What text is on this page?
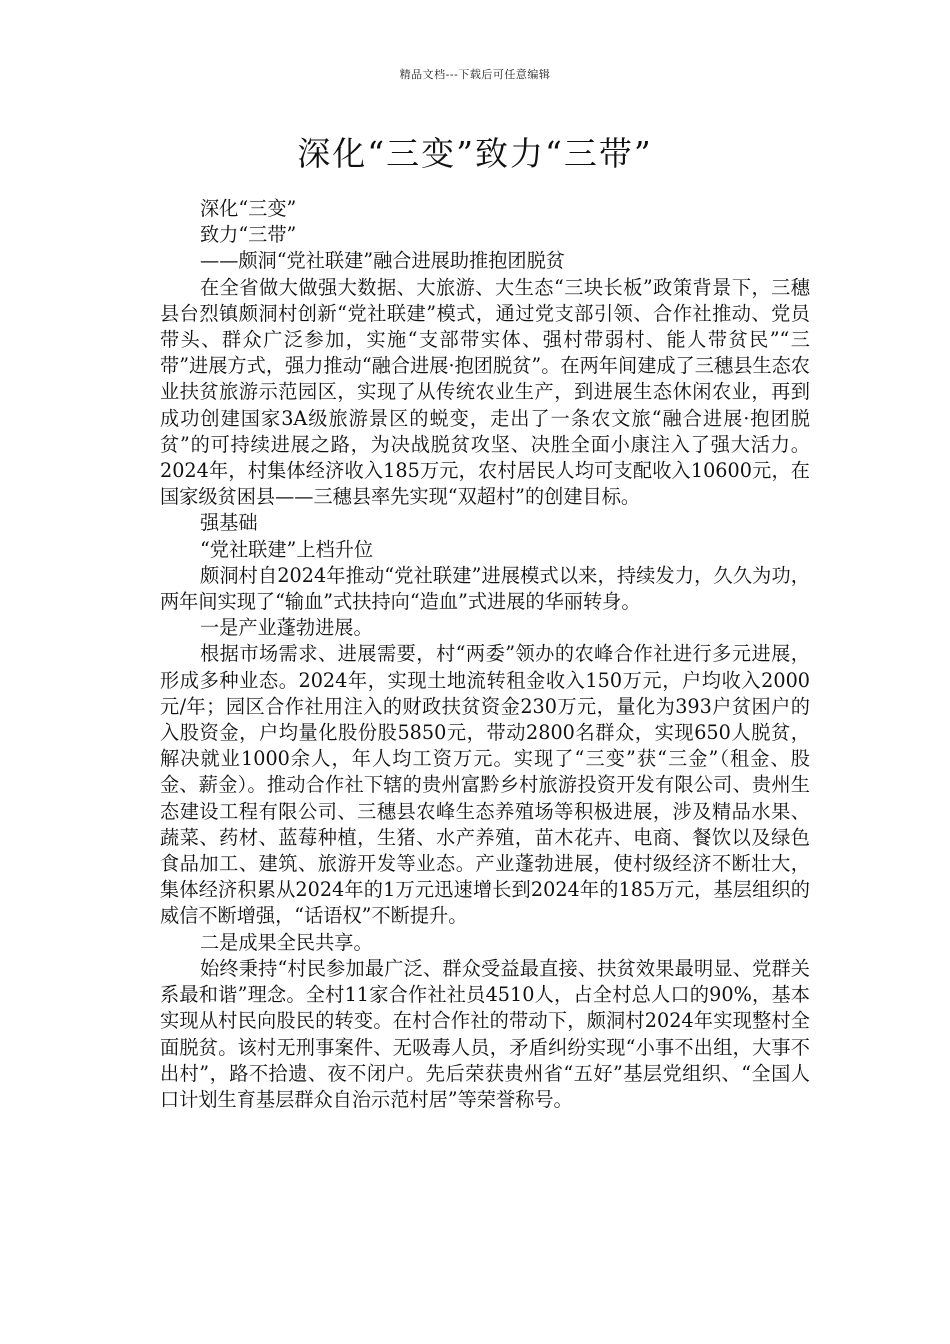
精品文档---下载后可任意编辑
深化“三变”致力“三带”

深化“三变”

致力“三带”

——颇洞“党社联建”融合进展助推抱团脱贫

在全省做大做强大数据、大旅游、大生态“三块长板”政策背景下，三穗县台烈镇颇洞村创新“党社联建”模式，通过党支部引领、合作社推动、党员带头、群众广泛参加，实施“支部带实体、强村带弱村、能人带贫民”“三带”进展方式，强力推动“融合进展·抱团脱贫”。在两年间建成了三穗县生态农业扶贫旅游示范园区，实现了从传统农业生产，到进展生态休闲农业，再到成功创建国家3A级旅游景区的蜕变，走出了一条农文旅“融合进展·抱团脱贫”的可持续进展之路，为决战脱贫攻坚、决胜全面小康注入了强大活力。2024年，村集体经济收入185万元，农村居民人均可支配收入10600元，在国家级贫困县——三穗县率先实现“双超村”的创建目标。

强基础

“党社联建”上档升位

颇洞村自2024年推动“党社联建”进展模式以来，持续发力，久久为功，两年间实现了“输血”式扶持向“造血”式进展的华丽转身。

一是产业蓬勃进展。

根据市场需求、进展需要，村“两委”领办的农峰合作社进行多元进展，形成多种业态。2024年，实现土地流转租金收入150万元，户均收入2000元/年；园区合作社用注入的财政扶贫资金230万元，量化为393户贫困户的入股资金，户均量化股份股5850元，带动2800名群众，实现650人脱贫，解决就业1000余人，年人均工资万元。实现了“三变”获“三金”（租金、股金、薪金）。推动合作社下辖的贵州富黔乡村旅游投资开发有限公司、贵州生态建设工程有限公司、三穗县农峰生态养殖场等积极进展，涉及精品水果、蔬菜、药材、蓝莓种植，生猪、水产养殖，苗木花卉、电商、餐饮以及绿色食品加工、建筑、旅游开发等业态。产业蓬勃进展，使村级经济不断壮大，集体经济积累从2024年的1万元迅速增长到2024年的185万元，基层组织的威信不断增强，“话语权”不断提升。

二是成果全民共享。

始终秉持“村民参加最广泛、群众受益最直接、扶贫效果最明显、党群关系最和谐”理念。全村11家合作社社员4510人，占全村总人口的90%，基本实现从村民向股民的转变。在村合作社的带动下，颇洞村2024年实现整村全面脱贫。该村无刑事案件、无吸毒人员，矛盾纠纷实现“小事不出组，大事不出村”，路不拾遗、夜不闭户。先后荣获贵州省“五好”基层党组织、“全国人口计划生育基层群众自治示范村居”等荣誉称号。
